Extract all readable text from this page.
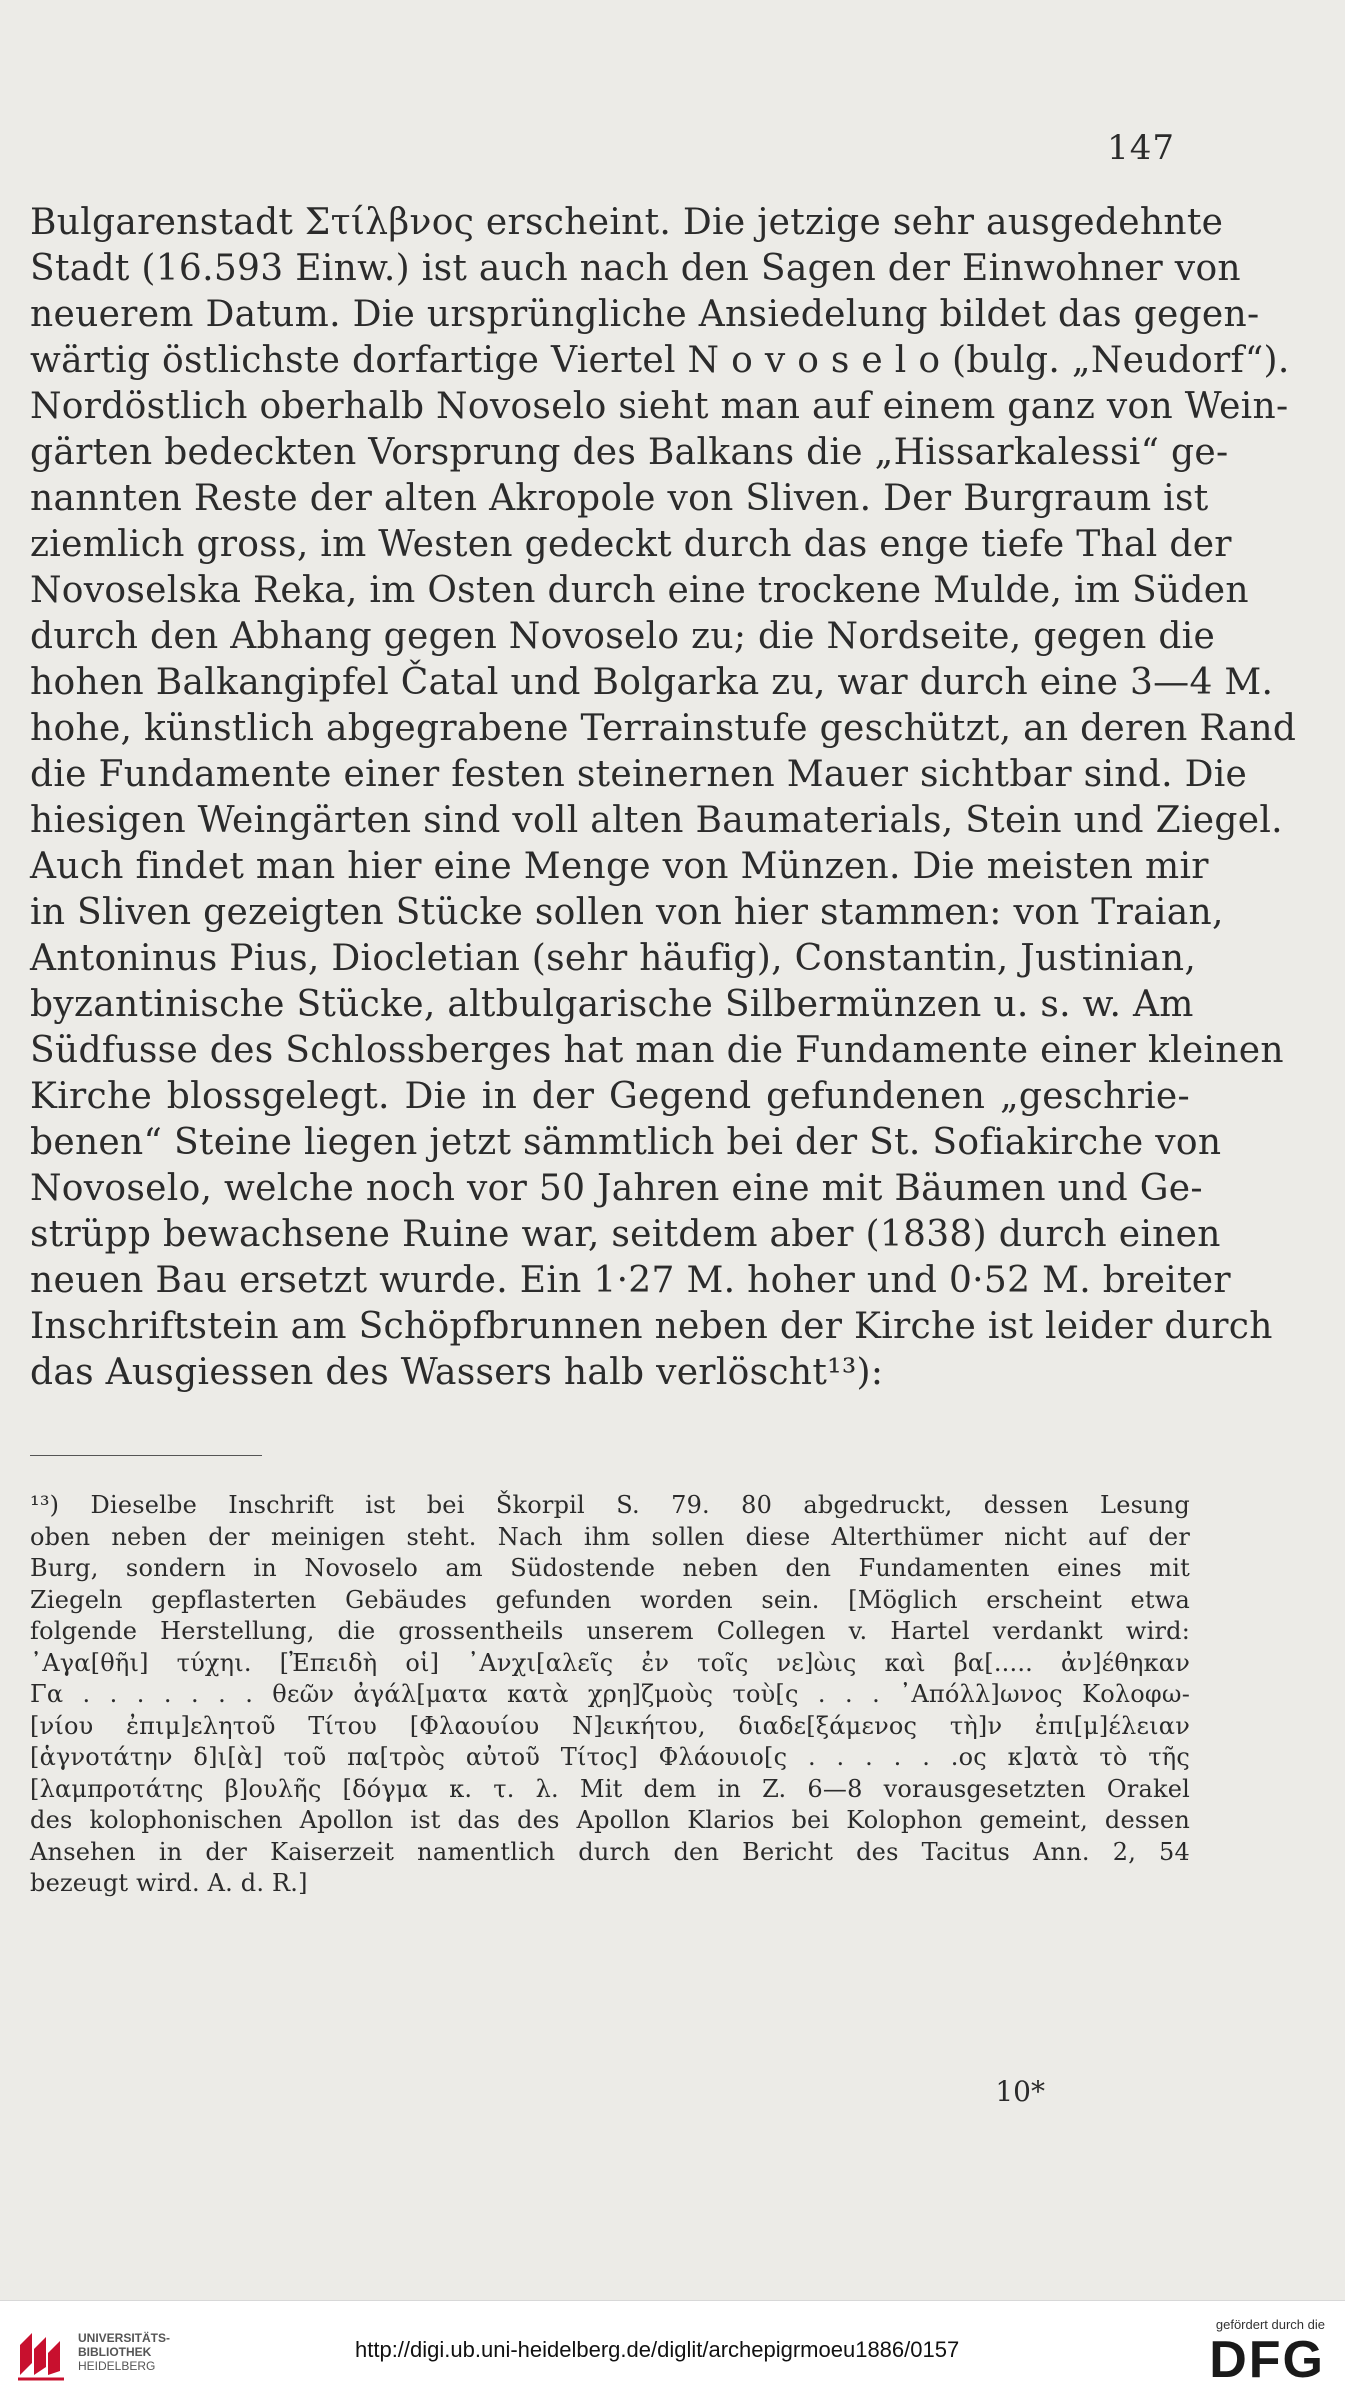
147
Bulgarenstadt Στίλβνος erscheint. Die jetzige sehr ausgedehnte
Stadt (16.593 Einw.) ist auch nach den Sagen der Einwohner von
neuerem Datum. Die ursprüngliche Ansiedelung bildet das gegen-
wärtig östlichste dorfartige Viertel N o v o s e l o (bulg. „Neudorf“).
Nordöstlich oberhalb Novoselo sieht man auf einem ganz von Wein-
gärten bedeckten Vorsprung des Balkans die „Hissarkalessi“ ge-
nannten Reste der alten Akropole von Sliven. Der Burgraum ist
ziemlich gross, im Westen gedeckt durch das enge tiefe Thal der
Novoselska Reka, im Osten durch eine trockene Mulde, im Süden
durch den Abhang gegen Novoselo zu; die Nordseite, gegen die
hohen Balkangipfel Čatal und Bolgarka zu, war durch eine 3—4 M.
hohe, künstlich abgegrabene Terrainstufe geschützt, an deren Rand
die Fundamente einer festen steinernen Mauer sichtbar sind. Die
hiesigen Weingärten sind voll alten Baumaterials, Stein und Ziegel.
Auch findet man hier eine Menge von Münzen. Die meisten mir
in Sliven gezeigten Stücke sollen von hier stammen: von Traian,
Antoninus Pius, Diocletian (sehr häufig), Constantin, Justinian,
byzantinische Stücke, altbulgarische Silbermünzen u. s. w. Am
Südfusse des Schlossberges hat man die Fundamente einer kleinen
Kirche blossgelegt. Die in der Gegend gefundenen „geschrie-
benen“ Steine liegen jetzt sämmtlich bei der St. Sofiakirche von
Novoselo, welche noch vor 50 Jahren eine mit Bäumen und Ge-
strüpp bewachsene Ruine war, seitdem aber (1838) durch einen
neuen Bau ersetzt wurde. Ein 1·27 M. hoher und 0·52 M. breiter
Inschriftstein am Schöpfbrunnen neben der Kirche ist leider durch
das Ausgiessen des Wassers halb verlöscht¹³):
¹³) Dieselbe Inschrift ist bei Škorpil S. 79. 80 abgedruckt, dessen Lesung
oben neben der meinigen steht. Nach ihm sollen diese Alterthümer nicht auf der
Burg, sondern in Novoselo am Südostende neben den Fundamenten eines mit
Ziegeln gepflasterten Gebäudes gefunden worden sein. [Möglich erscheint etwa
folgende Herstellung, die grossentheils unserem Collegen v. Hartel verdankt wird:
᾿Αγα[θῆι] τύχηι. [Ἐπειδὴ οἱ] ᾿Ανχι[αλεῖς ἐν τοῖς νε]ὼις καὶ βα[..... ἀν]έθηκαν
Γα . . . . . . . θεῶν ἀγάλ[ματα κατὰ χρη]ζμοὺς τοὺ[ς . . . ᾿Απόλλ]ωνος Κολοφω-
[νίου ἐπιμ]ελητοῦ Τίτου [Φλαουίου Ν]εικήτου, διαδε[ξάμενος τὴ]ν ἐπι[μ]έλειαν
[ἁγνοτάτην δ]ι[ὰ] τοῦ πα[τρὸς αὐτοῦ Τίτος] Φλάουιο[ς . . . . . .ος κ]ατὰ τὸ τῆς
[λαμπροτάτης β]ουλῆς [δόγμα κ. τ. λ. Mit dem in Z. 6—8 vorausgesetzten Orakel
des kolophonischen Apollon ist das des Apollon Klarios bei Kolophon gemeint, dessen
Ansehen in der Kaiserzeit namentlich durch den Bericht des Tacitus Ann. 2, 54
bezeugt wird. A. d. R.]
10*
UNIVERSITÄTS-
BIBLIOTHEK
HEIDELBERG
http://digi.ub.uni-heidelberg.de/diglit/archepigrmoeu1886/0157
gefördert durch die
DFG
